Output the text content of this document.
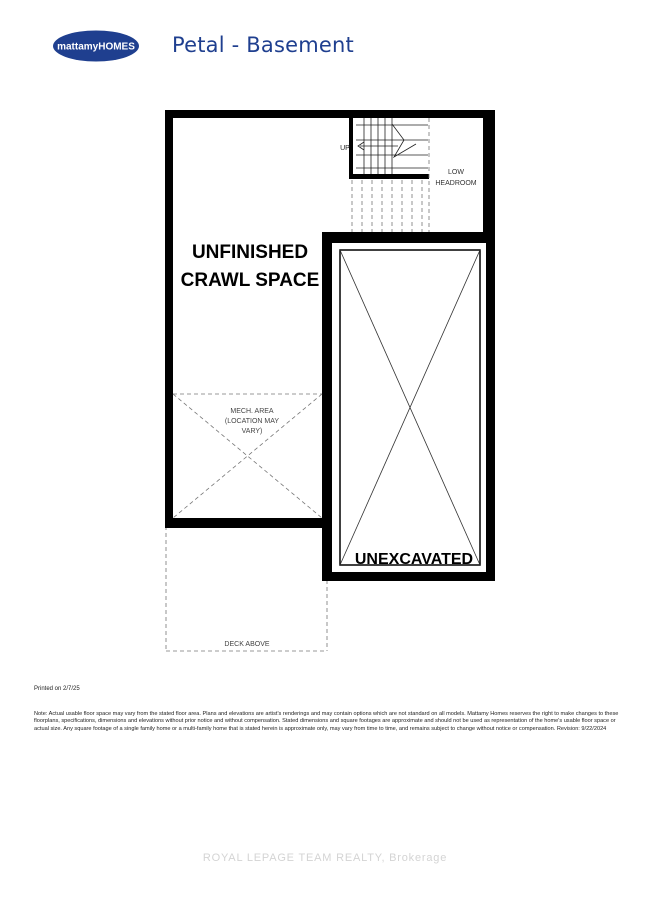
mattamyHOMES Petal - Basement
UNFINISHED
CRAWL SPACE
MECH. AREA
(LOCATION MAY
VARY)
UP
LOW
HEADROOM
UNEXCAVATED
DECK ABOVE
Printed on 2/7/25
Note: Actual usable floor space may vary from the stated floor area. Plans and elevations are artist's renderings and may contain options which are not standard on all models. Mattamy Homes reserves the right to make changes to these floorplans, specifications, dimensions and elevations without prior notice and without compensation. Stated dimensions and square footages are approximate and should not be used as representation of the home's usable floor space or actual size. Any square footage of a single family home or a multi-family home that is stated herein is approximate only, may vary from time to time, and remains subject to change without notice or compensation. Revision: 9/22/2024
ROYAL LEPAGE TEAM REALTY, Brokerage
